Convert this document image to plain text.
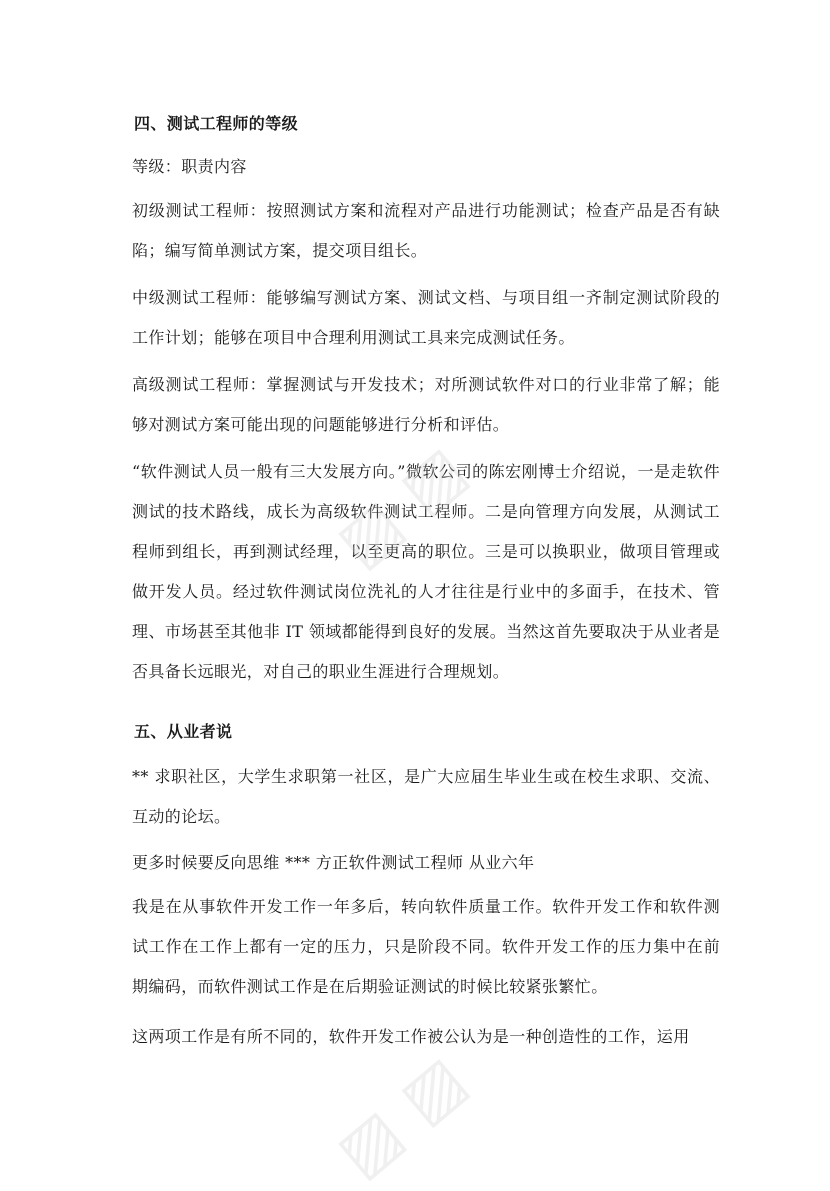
四、测试工程师的等级
等级：职责内容
初级测试工程师：按照测试方案和流程对产品进行功能测试；检查产品是否有缺陷；编写简单测试方案，提交项目组长。
中级测试工程师：能够编写测试方案、测试文档、与项目组一齐制定测试阶段的工作计划；能够在项目中合理利用测试工具来完成测试任务。
高级测试工程师：掌握测试与开发技术；对所测试软件对口的行业非常了解；能够对测试方案可能出现的问题能够进行分析和评估。
“软件测试人员一般有三大发展方向。”微软公司的陈宏刚博士介绍说，一是走软件测试的技术路线，成长为高级软件测试工程师。二是向管理方向发展，从测试工程师到组长，再到测试经理，以至更高的职位。三是可以换职业，做项目管理或做开发人员。经过软件测试岗位洗礼的人才往往是行业中的多面手，在技术、管理、市场甚至其他非 IT 领域都能得到良好的发展。当然这首先要取决于从业者是否具备长远眼光，对自己的职业生涯进行合理规划。
五、从业者说
** 求职社区，大学生求职第一社区，是广大应届生毕业生或在校生求职、交流、互动的论坛。
更多时候要反向思维 *** 方正软件测试工程师 从业六年
我是在从事软件开发工作一年多后，转向软件质量工作。软件开发工作和软件测试工作在工作上都有一定的压力，只是阶段不同。软件开发工作的压力集中在前期编码，而软件测试工作是在后期验证测试的时候比较紧张繁忙。
这两项工作是有所不同的，软件开发工作被公认为是一种创造性的工作，运用
▨ ▨
▨ ▨
